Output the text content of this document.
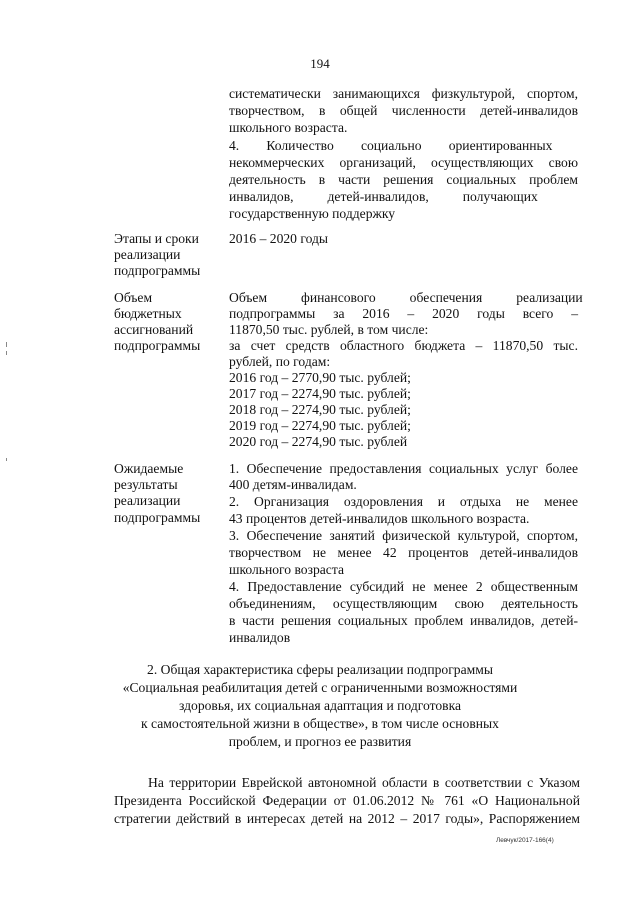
194
систематически занимающихся физкультурой, спортом,
творчеством, в общей численности детей-инвалидов
школьного возраста.
4.        Количество        социально        ориентированных
некоммерческих организаций, осуществляющих свою
деятельность в части решения социальных проблем
инвалидов,          детей-инвалидов,          получающих
государственную поддержку
Этапы и сроки
реализации
подпрограммы
2016 – 2020 годы
Объем
бюджетных
ассигнований
подпрограммы
Объем          финансового          обеспечения          реализации
подпрограммы за 2016 – 2020 годы всего –
11870,50 тыс. рублей, в том числе:
за счет средств областного бюджета – 11870,50 тыс.
рублей, по годам:
2016 год – 2770,90 тыс. рублей;
2017 год – 2274,90 тыс. рублей;
2018 год – 2274,90 тыс. рублей;
2019 год – 2274,90 тыс. рублей;
2020 год – 2274,90 тыс. рублей
Ожидаемые
результаты
реализации
подпрограммы
1. Обеспечение предоставления социальных услуг более
400 детям-инвалидам.
2. Организация оздоровления и отдыха не менее
43 процентов детей-инвалидов школьного возраста.
3. Обеспечение занятий физической культурой, спортом,
творчеством не менее 42 процентов детей-инвалидов
школьного возраста
4. Предоставление субсидий не менее 2 общественным
объединениям, осуществляющим свою деятельность
в части решения социальных проблем инвалидов, детей-
инвалидов
2. Общая характеристика сферы реализации подпрограммы
«Социальная реабилитация детей с ограниченными возможностями
здоровья, их социальная адаптация и подготовка
к самостоятельной жизни в обществе», в том числе основных
проблем, и прогноз ее развития
На территории Еврейской автономной области в соответствии с Указом
Президента Российской Федерации от 01.06.2012 № 761 «О Национальной
стратегии действий в интересах детей на 2012 – 2017 годы», Распоряжением
Левчук/2017-166(4)
